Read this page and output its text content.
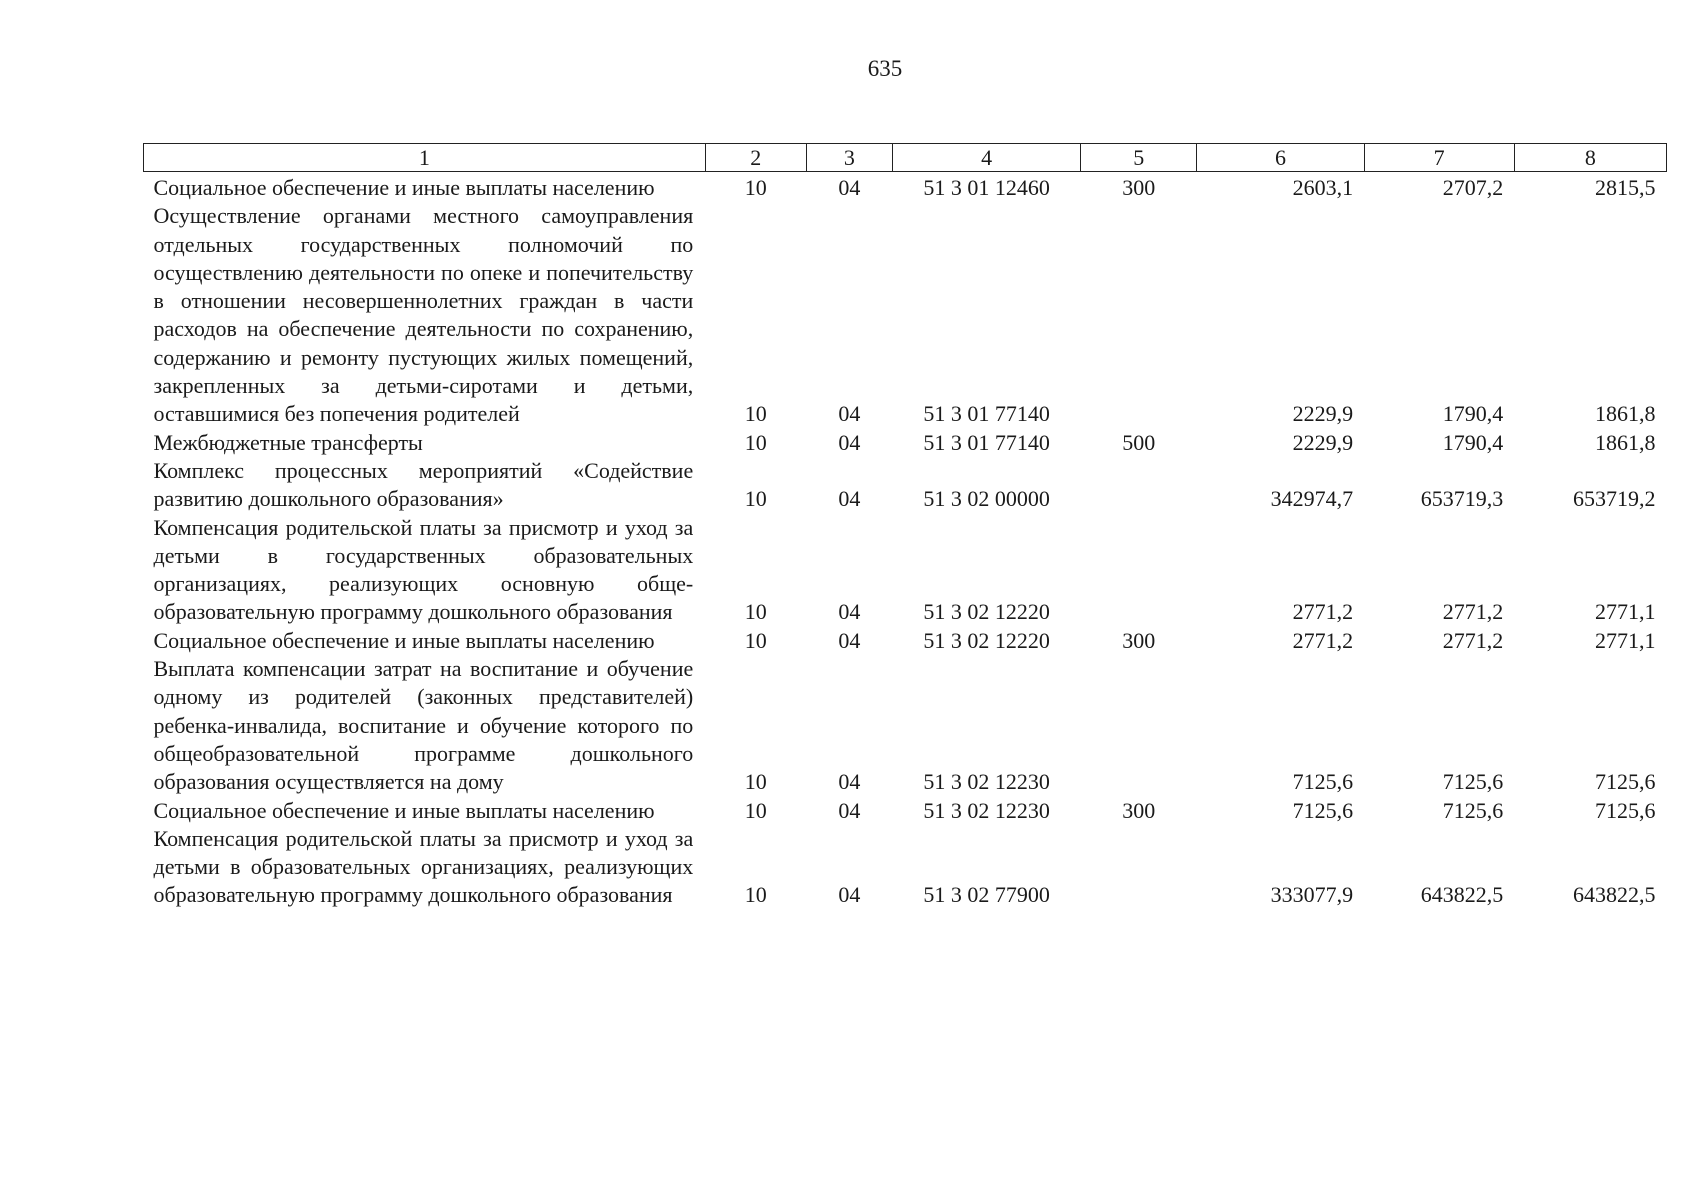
635
1	2	3	4	5	6	7	8
Социальное обеспечение и иные выплаты населению	10	04	51 3 01 12460	300	2603,1	2707,2	2815,5
Осуществление органами местного самоуправления отдельных государственных полномочий по осуществлению деятельности по опеке и попечительству в отношении несовершеннолетних граждан в части расходов на обеспечение деятельности по сохранению, содержанию и ремонту пустующих жилых помещений, закрепленных за детьми-сиротами и детьми, оставшимися без попечения родителей	10	04	51 3 01 77140		2229,9	1790,4	1861,8
Межбюджетные трансферты	10	04	51 3 01 77140	500	2229,9	1790,4	1861,8
Комплекс процессных мероприятий «Содействие развитию дошкольного образования»	10	04	51 3 02 00000		342974,7	653719,3	653719,2
Компенсация родительской платы за присмотр и уход за детьми в государственных образовательных организациях, реализующих основную общеобразовательную программу дошкольного образования	10	04	51 3 02 12220		2771,2	2771,2	2771,1
Социальное обеспечение и иные выплаты населению	10	04	51 3 02 12220	300	2771,2	2771,2	2771,1
Выплата компенсации затрат на воспитание и обучение одному из родителей (законных представителей) ребенка-инвалида, воспитание и обучение которого по общеобразовательной программе дошкольного образования осуществляется на дому	10	04	51 3 02 12230		7125,6	7125,6	7125,6
Социальное обеспечение и иные выплаты населению	10	04	51 3 02 12230	300	7125,6	7125,6	7125,6
Компенсация родительской платы за присмотр и уход за детьми в образовательных организациях, реализующих образовательную программу дошкольного образования	10	04	51 3 02 77900		333077,9	643822,5	643822,5
